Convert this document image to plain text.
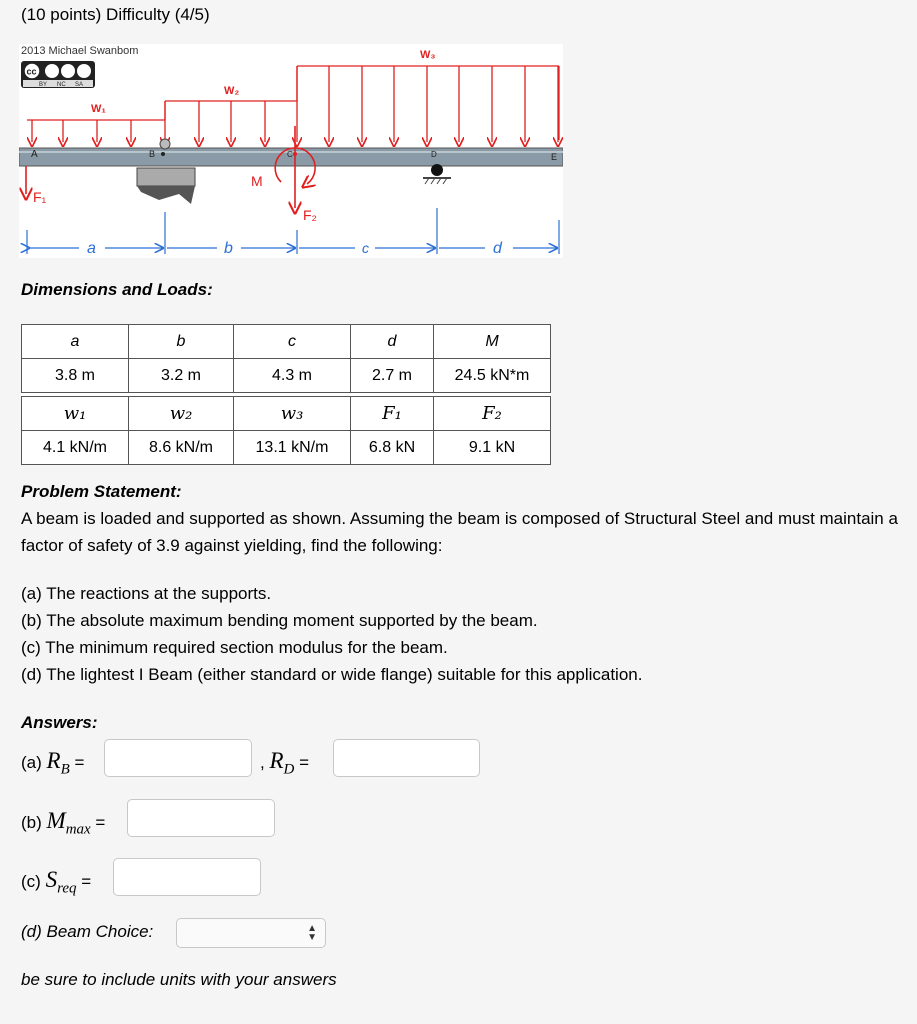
(10 points) Difficulty (4/5)
2013 Michael Swanbom
cc
BY NC SA
W₁
W₂
W₃
A	B	C	D	E
F₁
M
F₂
a	b	c	d
Dimensions and Loads:
a	b	c	d	M
3.8 m	3.2 m	4.3 m	2.7 m	24.5 kN*m

w₁	w₂	w₃	F₁	F₂
4.1 kN/m	8.6 kN/m	13.1 kN/m	6.8 kN	9.1 kN
Problem Statement:
A beam is loaded and supported as shown. Assuming the beam is composed of Structural Steel and must maintain a factor of safety of 3.9 against yielding, find the following:
(a) The reactions at the supports.
(b) The absolute maximum bending moment supported by the beam.
(c) The minimum required section modulus for the beam.
(d) The lightest I Beam (either standard or wide flange) suitable for this application.
Answers:
(a) $R_B$ =	, $R_D$ =
(b) $M_{max}$ =
(c) $S_{req}$ =
(d) Beam Choice:	▲
▼
be sure to include units with your answers
